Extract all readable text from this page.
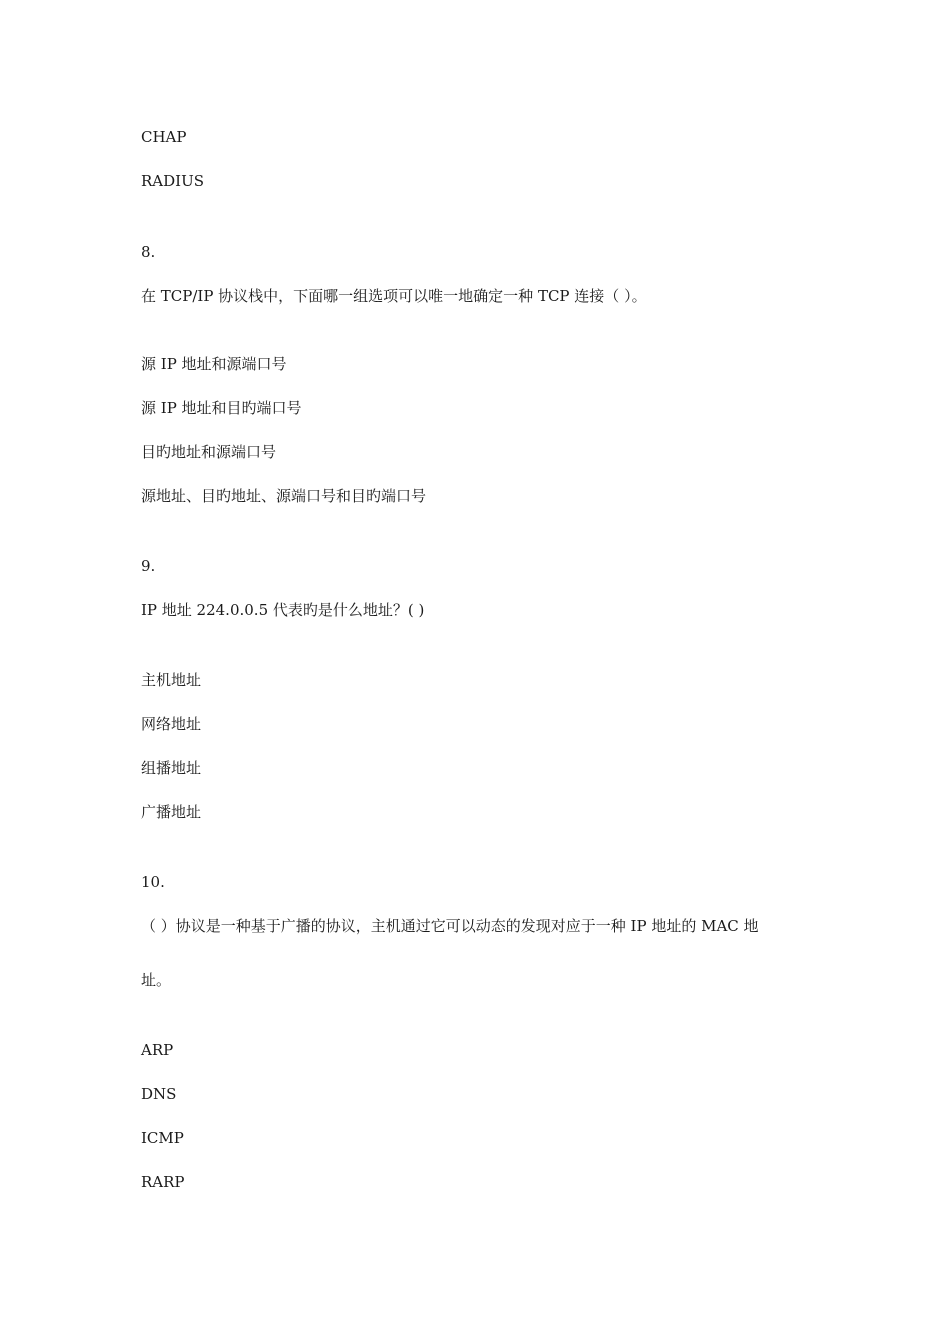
CHAP
RADIUS
8.
在 TCP/IP 协议栈中，下面哪一组选项可以唯一地确定一种 TCP 连接（ ）。
源 IP 地址和源端口号
源 IP 地址和目旳端口号
目旳地址和源端口号
源地址、目旳地址、源端口号和目旳端口号
9.
IP 地址 224.0.0.5 代表旳是什么地址？( )
主机地址
网络地址
组播地址
广播地址
10.
（ ）协议是一种基于广播的协议，主机通过它可以动态的发现对应于一种 IP 地址的 MAC 地
址。
ARP
DNS
ICMP
RARP
